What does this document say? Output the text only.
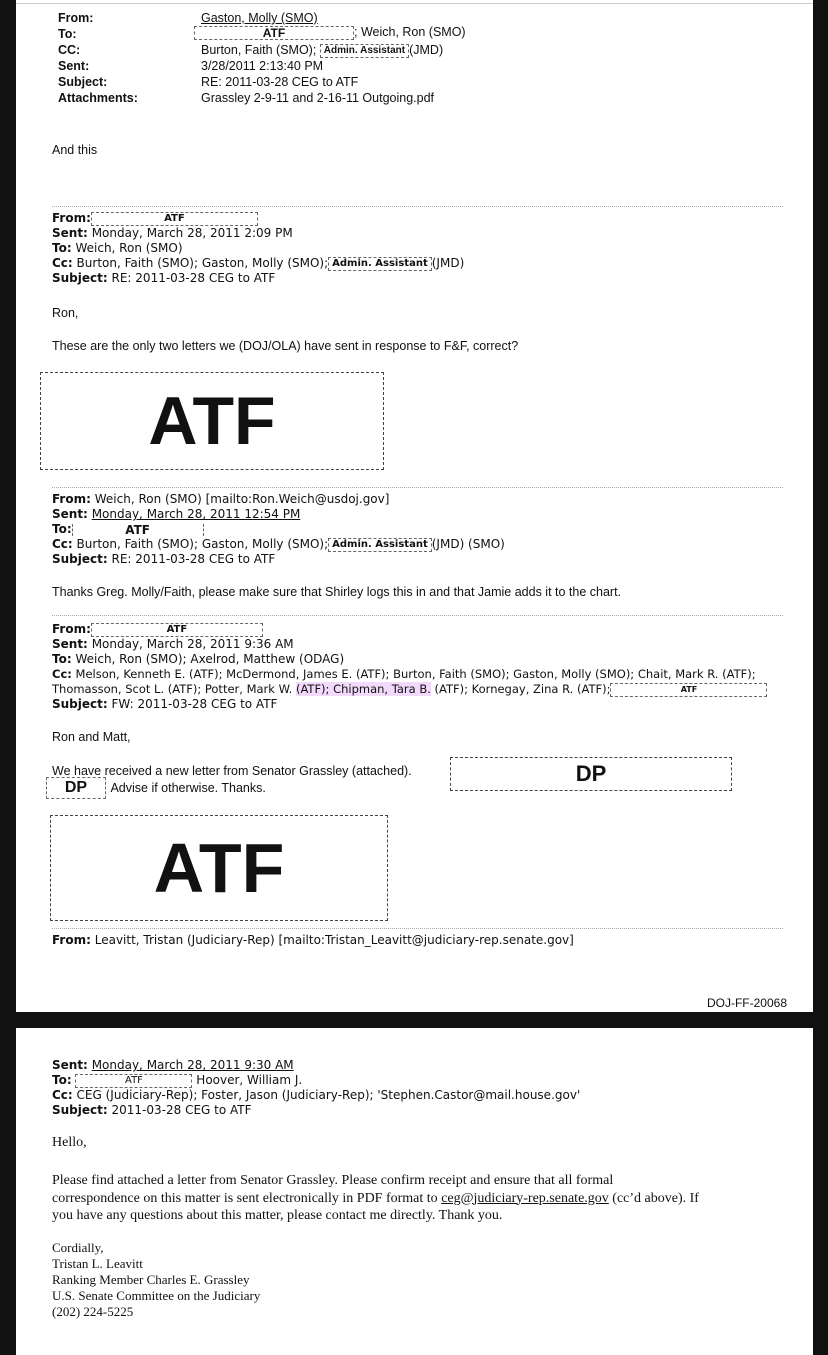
From:	Gaston, Molly (SMO)
To:	ATF	; Weich, Ron (SMO)
CC:	Burton, Faith (SMO); Admin. Assistant (JMD)
Sent:	3/28/2011 2:13:40 PM
Subject:	RE: 2011-03-28 CEG to ATF
Attachments:	Grassley 2-9-11 and 2-16-11 Outgoing.pdf
And this
From:	ATF
Sent: Monday, March 28, 2011 2:09 PM
To: Weich, Ron (SMO)
Cc: Burton, Faith (SMO); Gaston, Molly (SMO); Admin. Assistant (JMD)
Subject: RE: 2011-03-28 CEG to ATF
Ron,
These are the only two letters we (DOJ/OLA) have sent in response to F&F, correct?
ATF
From: Weich, Ron (SMO) [mailto:Ron.Weich@usdoj.gov]
Sent: Monday, March 28, 2011 12:54 PM
To:	ATF
Cc: Burton, Faith (SMO); Gaston, Molly (SMO); Admin. Assistant (JMD) (SMO)
Subject: RE: 2011-03-28 CEG to ATF
Thanks Greg. Molly/Faith, please make sure that Shirley logs this in and that Jamie adds it to the chart.
From:	ATF
Sent: Monday, March 28, 2011 9:36 AM
To: Weich, Ron (SMO); Axelrod, Matthew (ODAG)
Cc: Melson, Kenneth E. (ATF); McDermond, James E. (ATF); Burton, Faith (SMO); Gaston, Molly (SMO); Chait, Mark R. (ATF);
Thomasson, Scot L. (ATF); Potter, Mark W. (ATF); Chipman, Tara B. (ATF); Kornegay, Zina R. (ATF);	ATF
Subject: FW: 2011-03-28 CEG to ATF
Ron and Matt,
We have received a new letter from Senator Grassley (attached).	DP
DP Advise if otherwise. Thanks.
ATF
From: Leavitt, Tristan (Judiciary-Rep) [mailto:Tristan_Leavitt@judiciary-rep.senate.gov]
DOJ-FF-20068
Sent: Monday, March 28, 2011 9:30 AM
To:	ATF	Hoover, William J.
Cc: CEG (Judiciary-Rep); Foster, Jason (Judiciary-Rep); 'Stephen.Castor@mail.house.gov'
Subject: 2011-03-28 CEG to ATF
Hello,
Please find attached a letter from Senator Grassley. Please confirm receipt and ensure that all formal
correspondence on this matter is sent electronically in PDF format to ceg@judiciary-rep.senate.gov (cc’d above). If
you have any questions about this matter, please contact me directly. Thank you.
Cordially,
Tristan L. Leavitt
Ranking Member Charles E. Grassley
U.S. Senate Committee on the Judiciary
(202) 224-5225
